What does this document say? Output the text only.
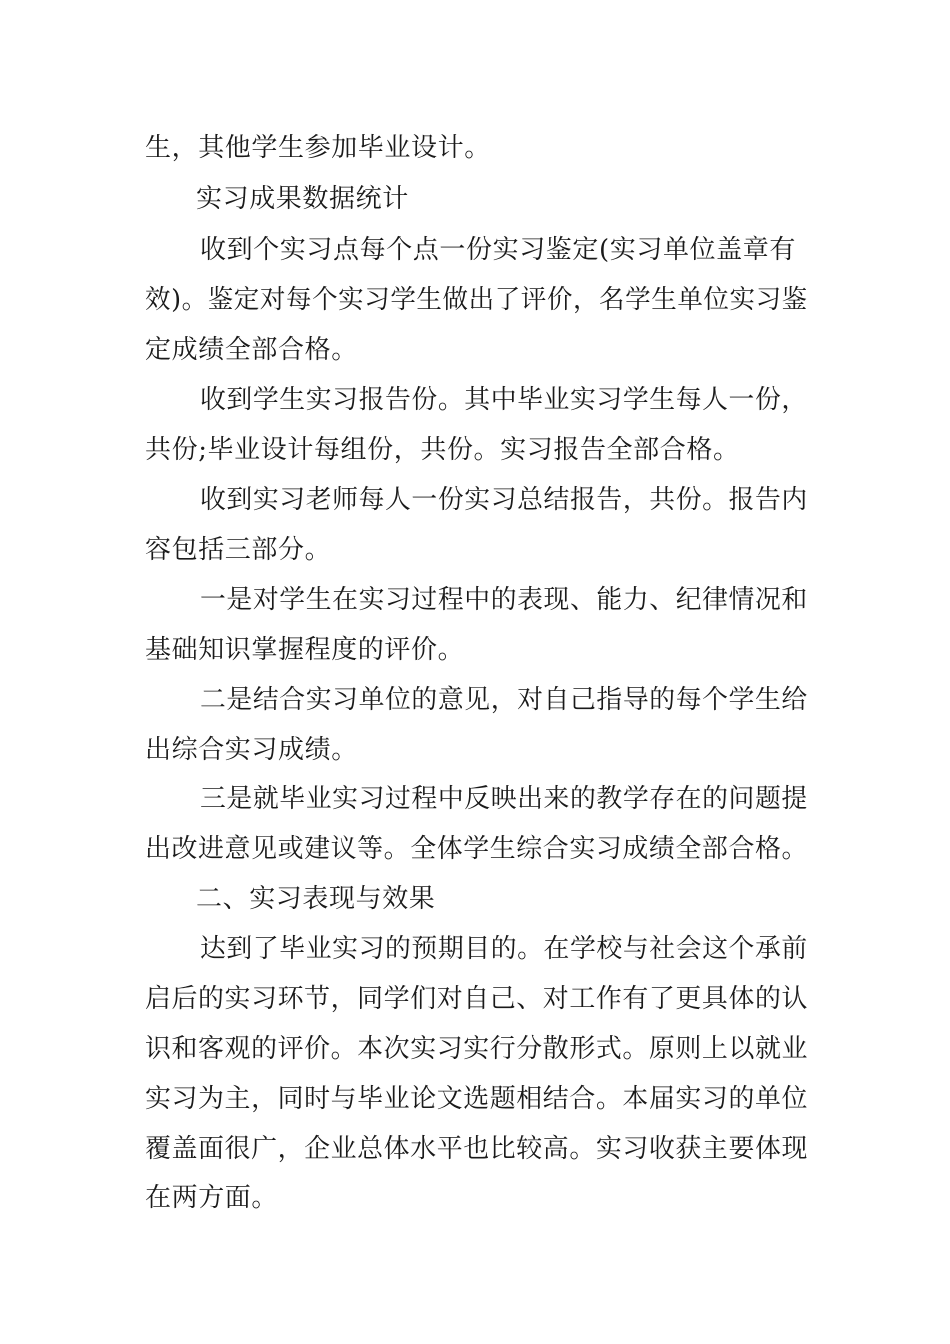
生，其他学生参加毕业设计。
实习成果数据统计
收到个实习点每个点一份实习鉴定(实习单位盖章有
效)。鉴定对每个实习学生做出了评价，名学生单位实习鉴
定成绩全部合格。
收到学生实习报告份。其中毕业实习学生每人一份，
共份;毕业设计每组份，共份。实习报告全部合格。
收到实习老师每人一份实习总结报告，共份。报告内
容包括三部分。
一是对学生在实习过程中的表现、能力、纪律情况和
基础知识掌握程度的评价。
二是结合实习单位的意见，对自己指导的每个学生给
出综合实习成绩。
三是就毕业实习过程中反映出来的教学存在的问题提
出改进意见或建议等。全体学生综合实习成绩全部合格。
二、实习表现与效果
达到了毕业实习的预期目的。在学校与社会这个承前
启后的实习环节，同学们对自己、对工作有了更具体的认
识和客观的评价。本次实习实行分散形式。原则上以就业
实习为主，同时与毕业论文选题相结合。本届实习的单位
覆盖面很广，企业总体水平也比较高。实习收获主要体现
在两方面。
